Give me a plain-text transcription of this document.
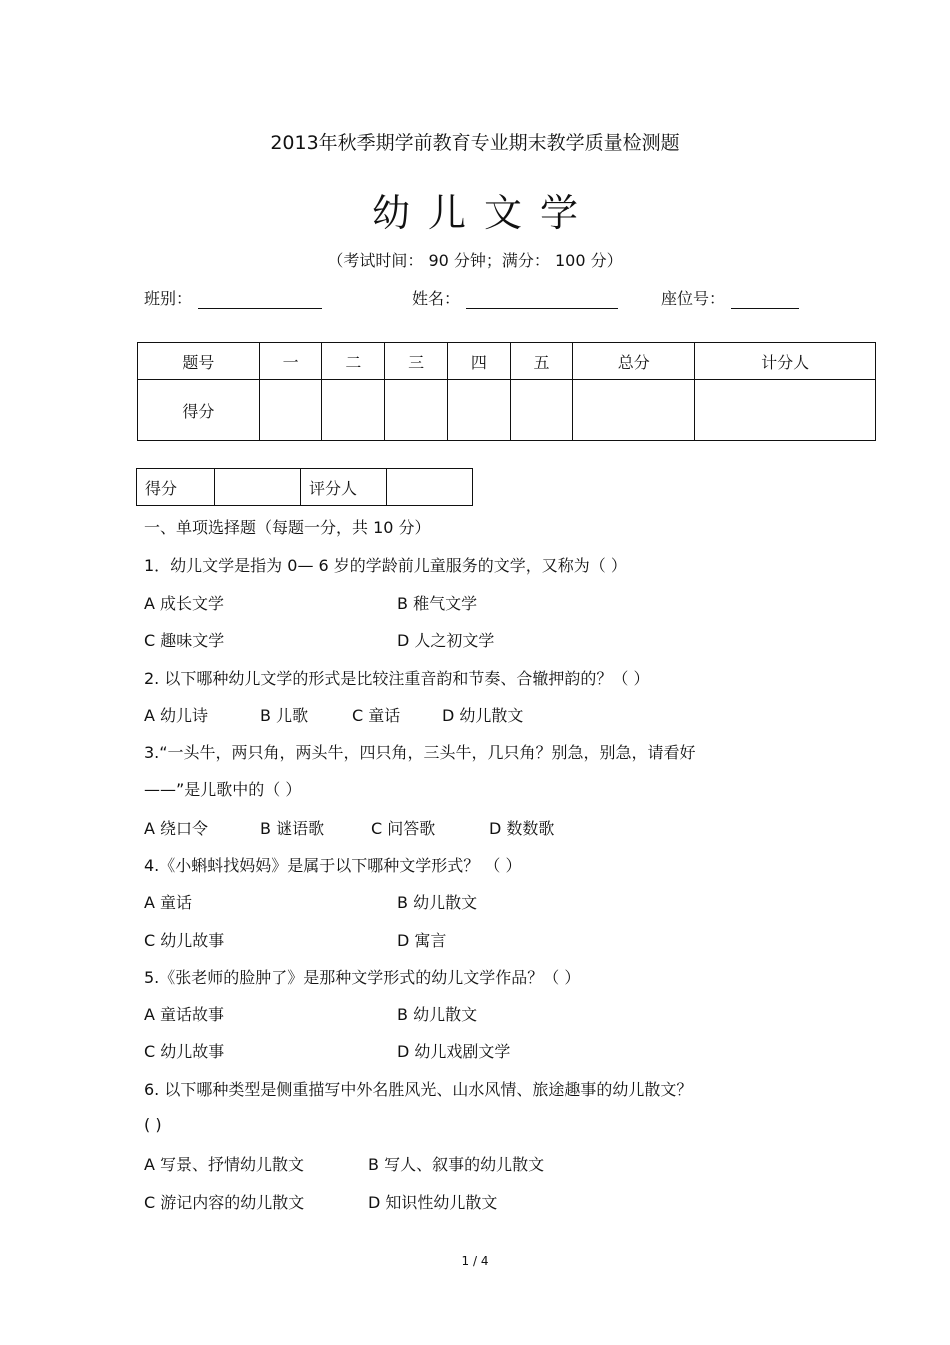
2013年秋季期学前教育专业期末教学质量检测题
幼儿文学
（考试时间： 90 分钟；满分： 100 分）
班别：	姓名：	座位号：
题号	一	二	三	四	五	总分	计分人
得分							
得分		评分人	
一、单项选择题（每题一分，共 10 分）
1．幼儿文学是指为 0— 6 岁的学龄前儿童服务的文学，又称为（ ）
A 成长文学	B 稚气文学
C 趣味文学	D 人之初文学
2. 以下哪种幼儿文学的形式是比较注重音韵和节奏、合辙押韵的？（ ）
A 幼儿诗	B 儿歌	C 童话	D 幼儿散文
3.“一头牛，两只角，两头牛，四只角，三头牛，几只角？别急，别急，请看好
——”是儿歌中的（ ）
A 绕口令	B 谜语歌	C 问答歌	D 数数歌
4.《小蝌蚪找妈妈》是属于以下哪种文学形式？ （ ）
A 童话	B 幼儿散文
C 幼儿故事	D 寓言
5.《张老师的脸肿了》是那种文学形式的幼儿文学作品？（ ）
A 童话故事	B 幼儿散文
C 幼儿故事	D 幼儿戏剧文学
6. 以下哪种类型是侧重描写中外名胜风光、山水风情、旅途趣事的幼儿散文？
( )
A 写景、抒情幼儿散文	B 写人、叙事的幼儿散文
C 游记内容的幼儿散文	D 知识性幼儿散文
1 / 4
